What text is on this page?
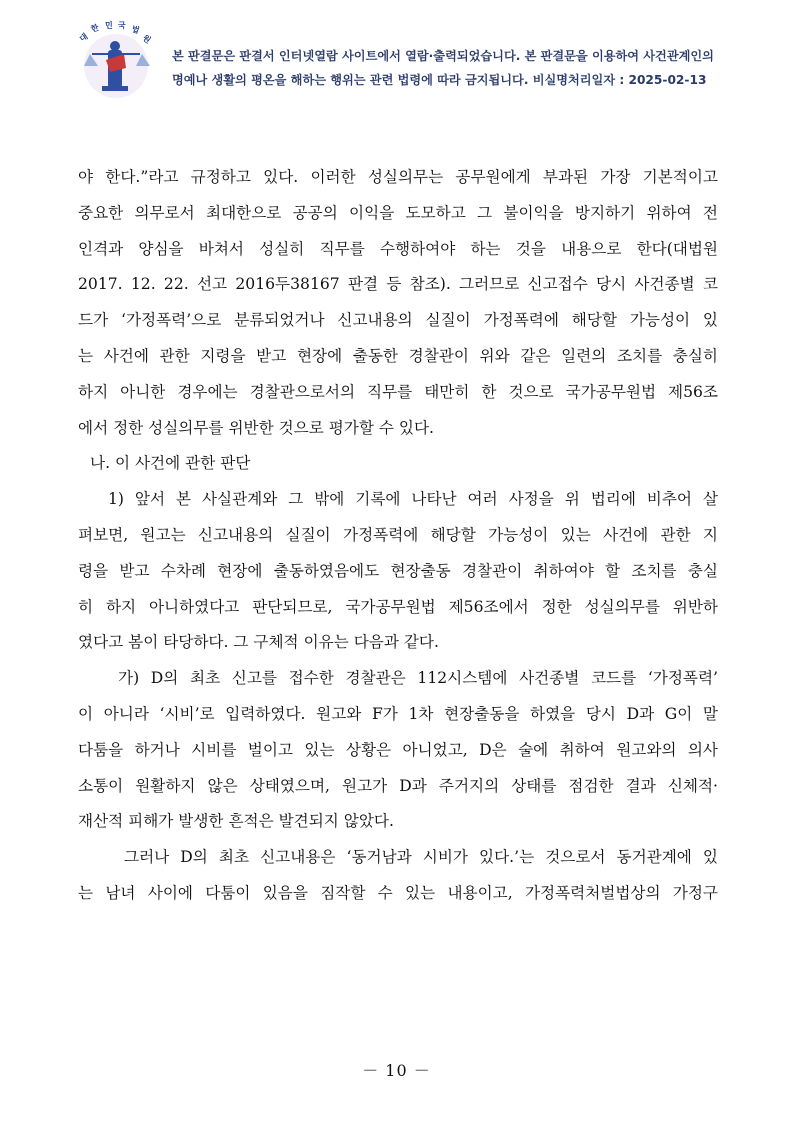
대
한 민 국 법
원
본 판결문은 판결서 인터넷열람 사이트에서 열람·출력되었습니다. 본 판결문을 이용하여 사건관계인의
명예나 생활의 평온을 해하는 행위는 관련 법령에 따라 금지됩니다. 비실명처리일자 : 2025-02-13
야 한다.”라고 규정하고 있다. 이러한 성실의무는 공무원에게 부과된 가장 기본적이고
중요한 의무로서 최대한으로 공공의 이익을 도모하고 그 불이익을 방지하기 위하여 전
인격과 양심을 바쳐서 성실히 직무를 수행하여야 하는 것을 내용으로 한다(대법원
2017. 12. 22. 선고 2016두38167 판결 등 참조). 그러므로 신고접수 당시 사건종별 코
드가 ‘가정폭력’으로 분류되었거나 신고내용의 실질이 가정폭력에 해당할 가능성이 있
는 사건에 관한 지령을 받고 현장에 출동한 경찰관이 위와 같은 일련의 조치를 충실히
하지 아니한 경우에는 경찰관으로서의 직무를 태만히 한 것으로 국가공무원법 제56조
에서 정한 성실의무를 위반한 것으로 평가할 수 있다.
나. 이 사건에 관한 판단
1) 앞서 본 사실관계와 그 밖에 기록에 나타난 여러 사정을 위 법리에 비추어 살
펴보면, 원고는 신고내용의 실질이 가정폭력에 해당할 가능성이 있는 사건에 관한 지
령을 받고 수차례 현장에 출동하였음에도 현장출동 경찰관이 취하여야 할 조치를 충실
히 하지 아니하였다고 판단되므로, 국가공무원법 제56조에서 정한 성실의무를 위반하
였다고 봄이 타당하다. 그 구체적 이유는 다음과 같다.
가) D의 최초 신고를 접수한 경찰관은 112시스템에 사건종별 코드를 ‘가정폭력’
이 아니라 ‘시비’로 입력하였다. 원고와 F가 1차 현장출동을 하였을 당시 D과 G이 말
다툼을 하거나 시비를 벌이고 있는 상황은 아니었고, D은 술에 취하여 원고와의 의사
소통이 원활하지 않은 상태였으며, 원고가 D과 주거지의 상태를 점검한 결과 신체적·
재산적 피해가 발생한 흔적은 발견되지 않았다.
그러나 D의 최초 신고내용은 ‘동거남과 시비가 있다.’는 것으로서 동거관계에 있
는 남녀 사이에 다툼이 있음을 짐작할 수 있는 내용이고, 가정폭력처벌법상의 가정구
－ 10 －
